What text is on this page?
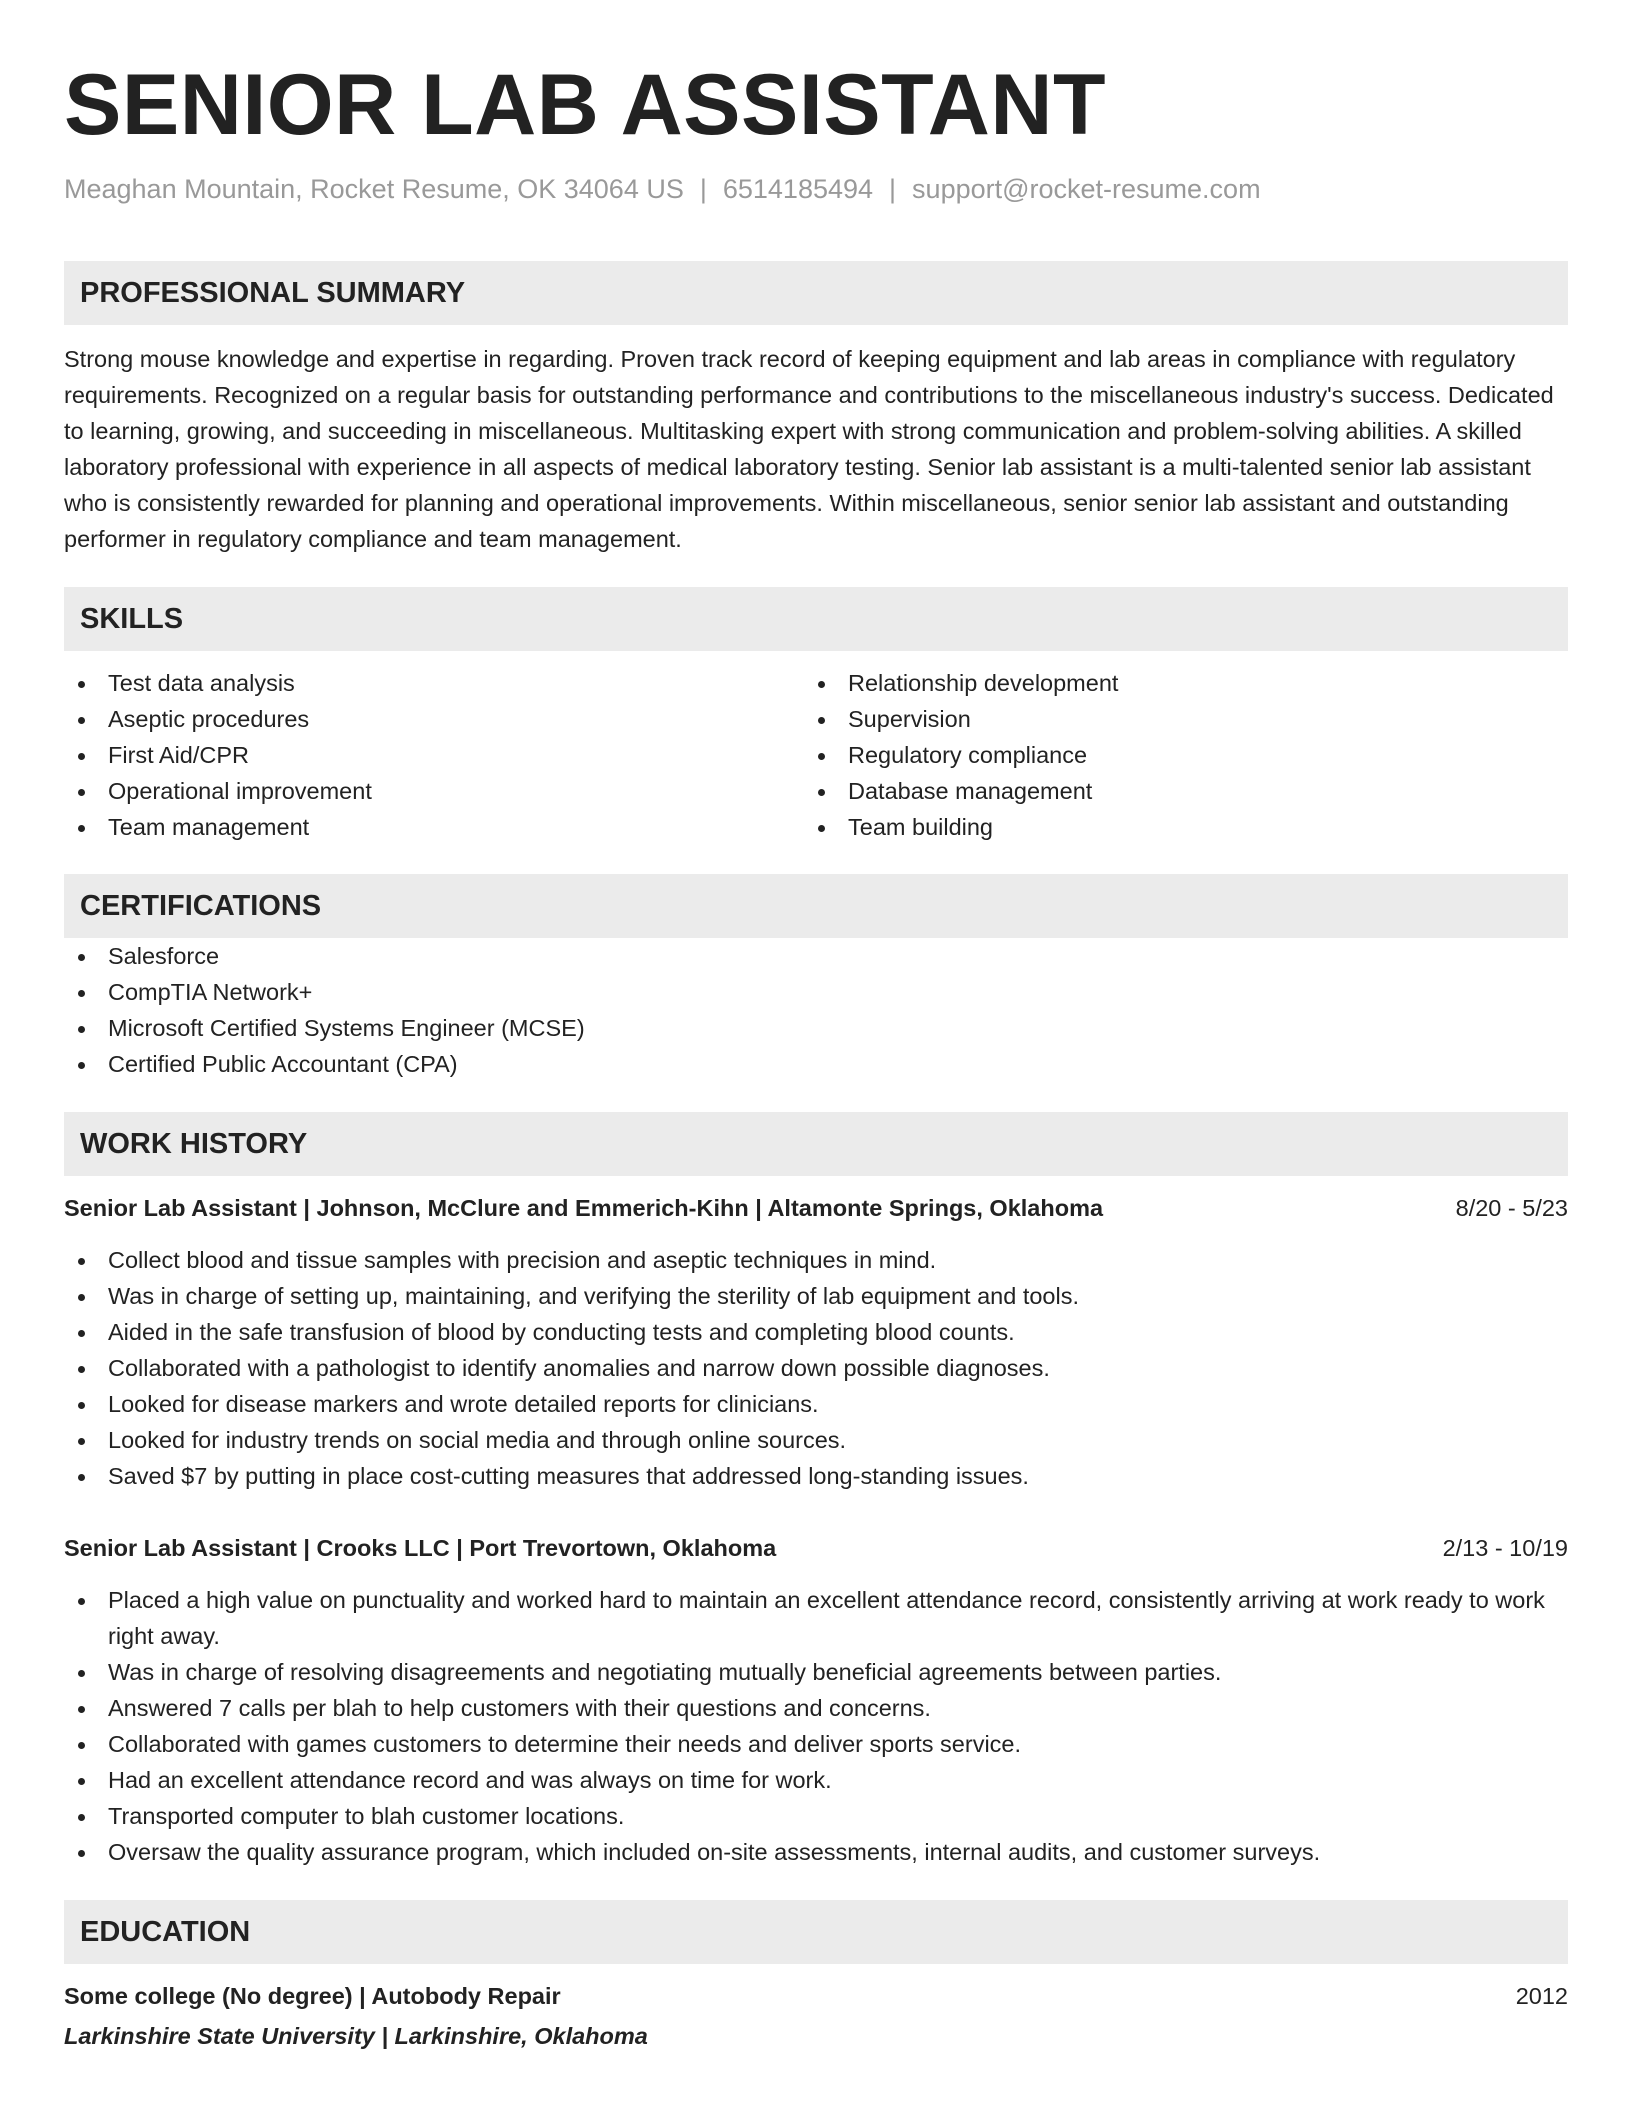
SENIOR LAB ASSISTANT
Meaghan Mountain, Rocket Resume, OK 34064 US | 6514185494 | support@rocket-resume.com
PROFESSIONAL SUMMARY
Strong mouse knowledge and expertise in regarding. Proven track record of keeping equipment and lab areas in compliance with regulatory requirements. Recognized on a regular basis for outstanding performance and contributions to the miscellaneous industry's success. Dedicated to learning, growing, and succeeding in miscellaneous. Multitasking expert with strong communication and problem-solving abilities. A skilled laboratory professional with experience in all aspects of medical laboratory testing. Senior lab assistant is a multi-talented senior lab assistant who is consistently rewarded for planning and operational improvements. Within miscellaneous, senior senior lab assistant and outstanding performer in regulatory compliance and team management.
SKILLS
Test data analysis
Aseptic procedures
First Aid/CPR
Operational improvement
Team management
Relationship development
Supervision
Regulatory compliance
Database management
Team building
CERTIFICATIONS
Salesforce
CompTIA Network+
Microsoft Certified Systems Engineer (MCSE)
Certified Public Accountant (CPA)
WORK HISTORY
Senior Lab Assistant | Johnson, McClure and Emmerich-Kihn | Altamonte Springs, Oklahoma	8/20 - 5/23
Collect blood and tissue samples with precision and aseptic techniques in mind.
Was in charge of setting up, maintaining, and verifying the sterility of lab equipment and tools.
Aided in the safe transfusion of blood by conducting tests and completing blood counts.
Collaborated with a pathologist to identify anomalies and narrow down possible diagnoses.
Looked for disease markers and wrote detailed reports for clinicians.
Looked for industry trends on social media and through online sources.
Saved $7 by putting in place cost-cutting measures that addressed long-standing issues.
Senior Lab Assistant | Crooks LLC | Port Trevortown, Oklahoma	2/13 - 10/19
Placed a high value on punctuality and worked hard to maintain an excellent attendance record, consistently arriving at work ready to work right away.
Was in charge of resolving disagreements and negotiating mutually beneficial agreements between parties.
Answered 7 calls per blah to help customers with their questions and concerns.
Collaborated with games customers to determine their needs and deliver sports service.
Had an excellent attendance record and was always on time for work.
Transported computer to blah customer locations.
Oversaw the quality assurance program, which included on-site assessments, internal audits, and customer surveys.
EDUCATION
Some college (No degree) | Autobody Repair	2012
Larkinshire State University | Larkinshire, Oklahoma
